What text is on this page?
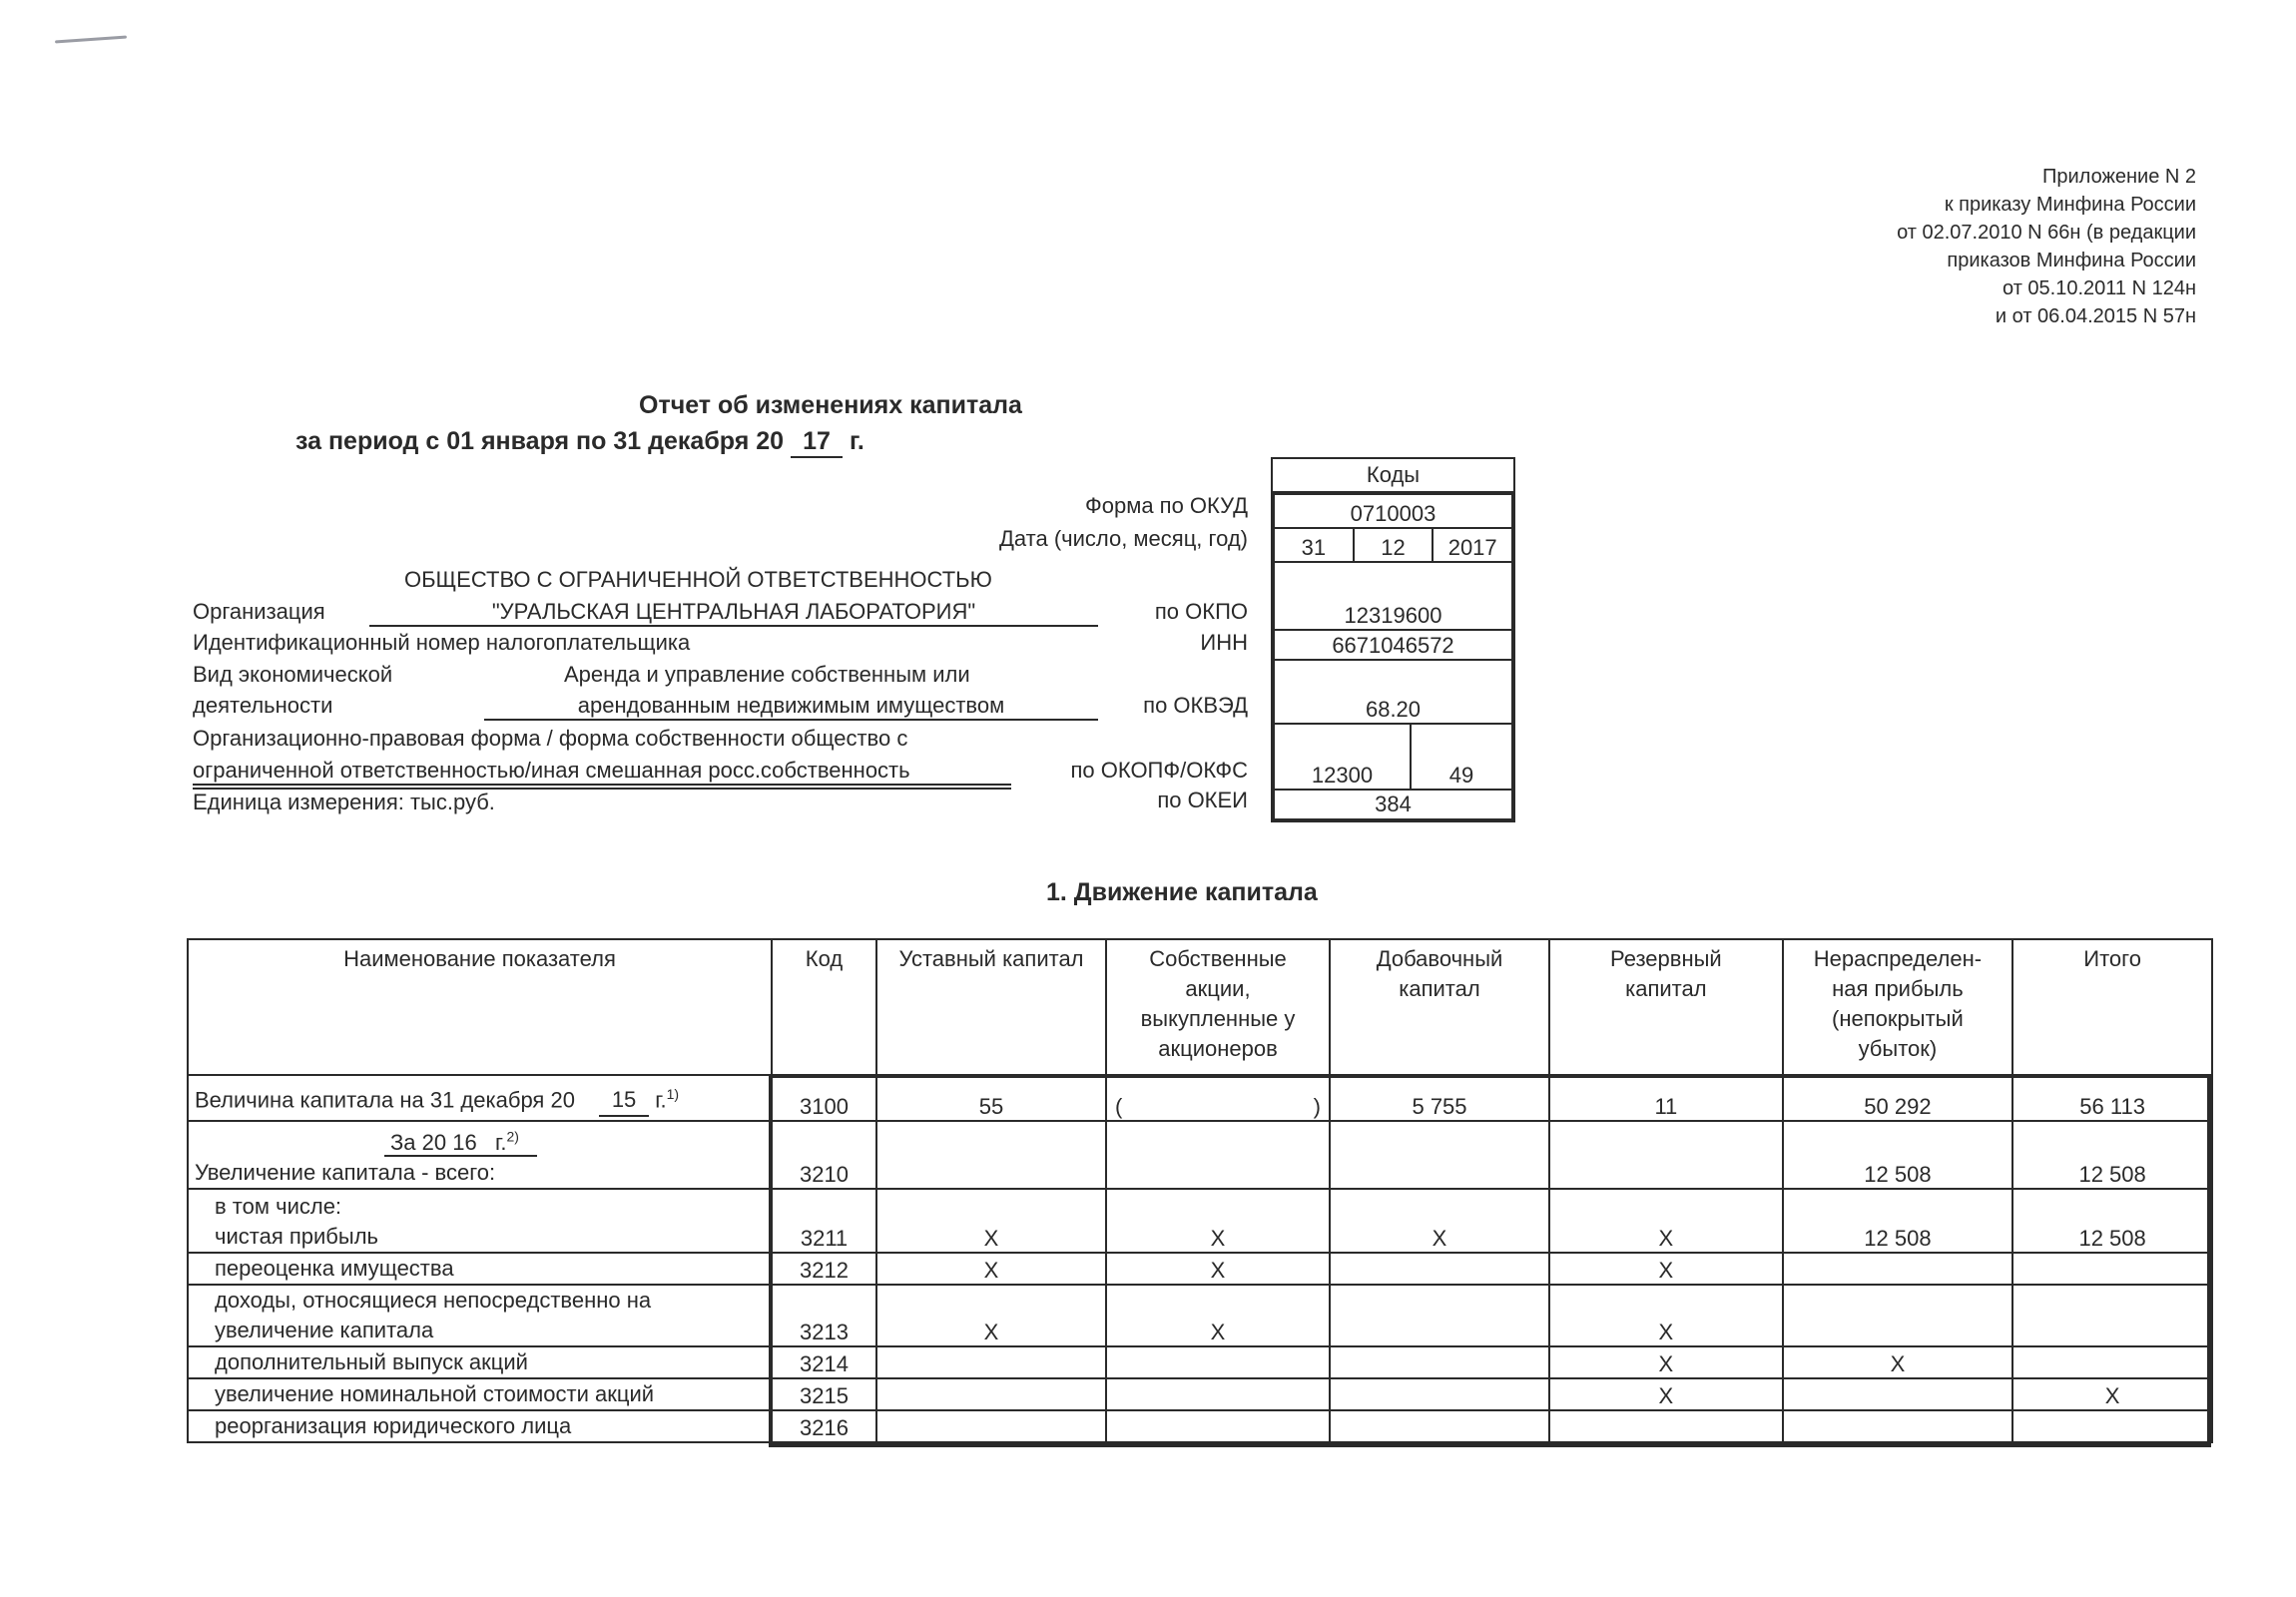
Приложение N 2
к приказу Минфина России
от 02.07.2010 N 66н (в редакции
приказов Минфина России
от 05.10.2011 N 124н
и от 06.04.2015 N 57н
Отчет об изменениях капитала
за период с 01 января по 31 декабря 20 17 г.
Форма по ОКУД
Дата (число, месяц, год)
ОБЩЕСТВО С ОГРАНИЧЕННОЙ ОТВЕТСТВЕННОСТЬЮ
Организация	"УРАЛЬСКАЯ ЦЕНТРАЛЬНАЯ ЛАБОРАТОРИЯ"	по ОКПО
Идентификационный номер налогоплательщика	ИНН
Вид экономической	Аренда и управление собственным или
деятельности	арендованным недвижимым имуществом	по ОКВЭД
Организационно-правовая форма / форма собственности общество с
ограниченной ответственностью/иная смешанная росс.собственность	по ОКОПФ/ОКФС
Единица измерения: тыс.руб.	по ОКЕИ
Коды
0710003
31	12	2017
12319600
6671046572
68.20
12300	49
384
1. Движение капитала
Наименование показателя	Код	Уставный капитал	Собственные акции, выкупленные у акционеров	Добавочный капитал	Резервный капитал	Нераспределен-ная прибыль (непокрытый убыток)	Итого
Величина капитала на 31 декабря 20 15 г.$^{1)}$	3100	55	( )	5 755	11	50 292	56 113

За 20 16 г.$^{2)}$
Увеличение капитала - всего:	3210					12 508	12 508

в том числе:
чистая прибыль	3211	X	X	X	X	12 508	12 508
переоценка имущества	3212	X	X		X		
доходы, относящиеся непосредственно на увеличение капитала	3213	X	X		X		
дополнительный выпуск акций	3214				X	X	
увеличение номинальной стоимости акций	3215				X		X
реорганизация юридического лица	3216						
